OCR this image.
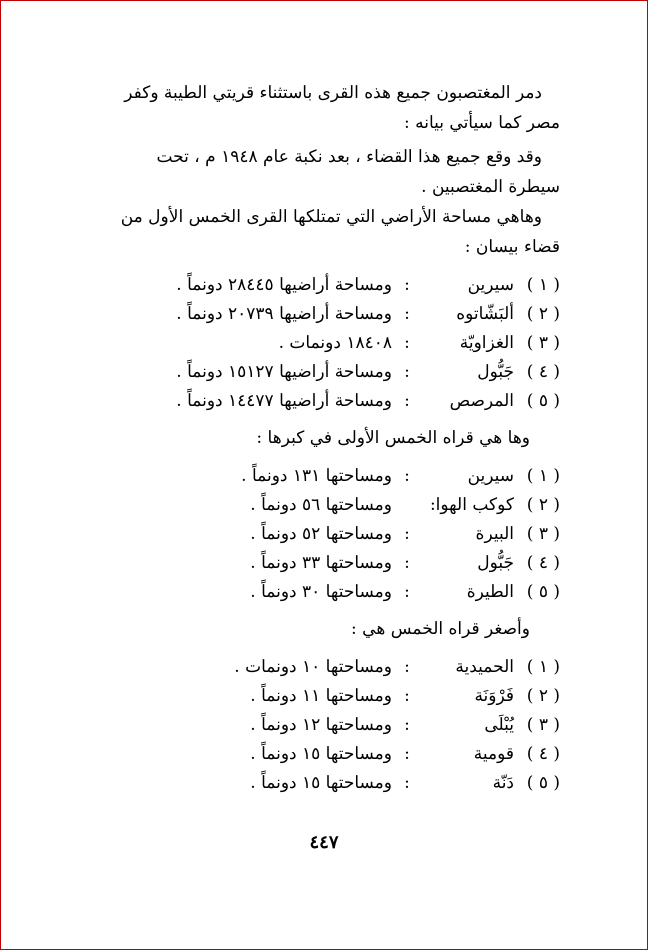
دمر المغتصبون جميع هذه القرى باستثناء قريتي الطيبة وكفر مصر كما سيأتي بيانه :

وقد وقع جميع هذا القضاء ، بعد نكبة عام ١٩٤٨ م ، تحت سيطرة المغتصبين .

وهاهي مساحة الأراضي التي تمتلكها القرى الخمس الأول من قضاء بيسان :

( ١ )
سيرين
:
ومساحة أراضيها ٢٨٤٤٥ دونماً .
( ٢ )
ألبَشّاتوه
:
ومساحة أراضيها ٢٠٧٣٩ دونماً .
( ٣ )
الغزاويّة
:
١٨٤٠٨ دونمات .
( ٤ )
جَبُّول
:
ومساحة أراضيها ١٥١٢٧ دونماً .
( ٥ )
المرصص
:
ومساحة أراضيها ١٤٤٧٧ دونماً .

وها هي قراه الخمس الأولى في كبرها :

( ١ )
سيرين
:
ومساحتها ١٣١ دونماً .
( ٢ )
كوكب الهوا:
ومساحتها ٥٦ دونماً .
( ٣ )
البيرة
:
ومساحتها ٥٢ دونماً .
( ٤ )
جَبُّول
:
ومساحتها ٣٣ دونماً .
( ٥ )
الطيرة
:
ومساحتها ٣٠ دونماً .

وأصغر قراه الخمس هي :

( ١ )
الحميدية
:
ومساحتها ١٠ دونمات .
( ٢ )
فَرْوَنَة
:
ومساحتها ١١ دونماً .
( ٣ )
يُبْلَى
:
ومساحتها ١٢ دونماً .
( ٤ )
قومية
:
ومساحتها ١٥ دونماً .
( ٥ )
دَنّة
:
ومساحتها ١٥ دونماً .
٤٤٧
